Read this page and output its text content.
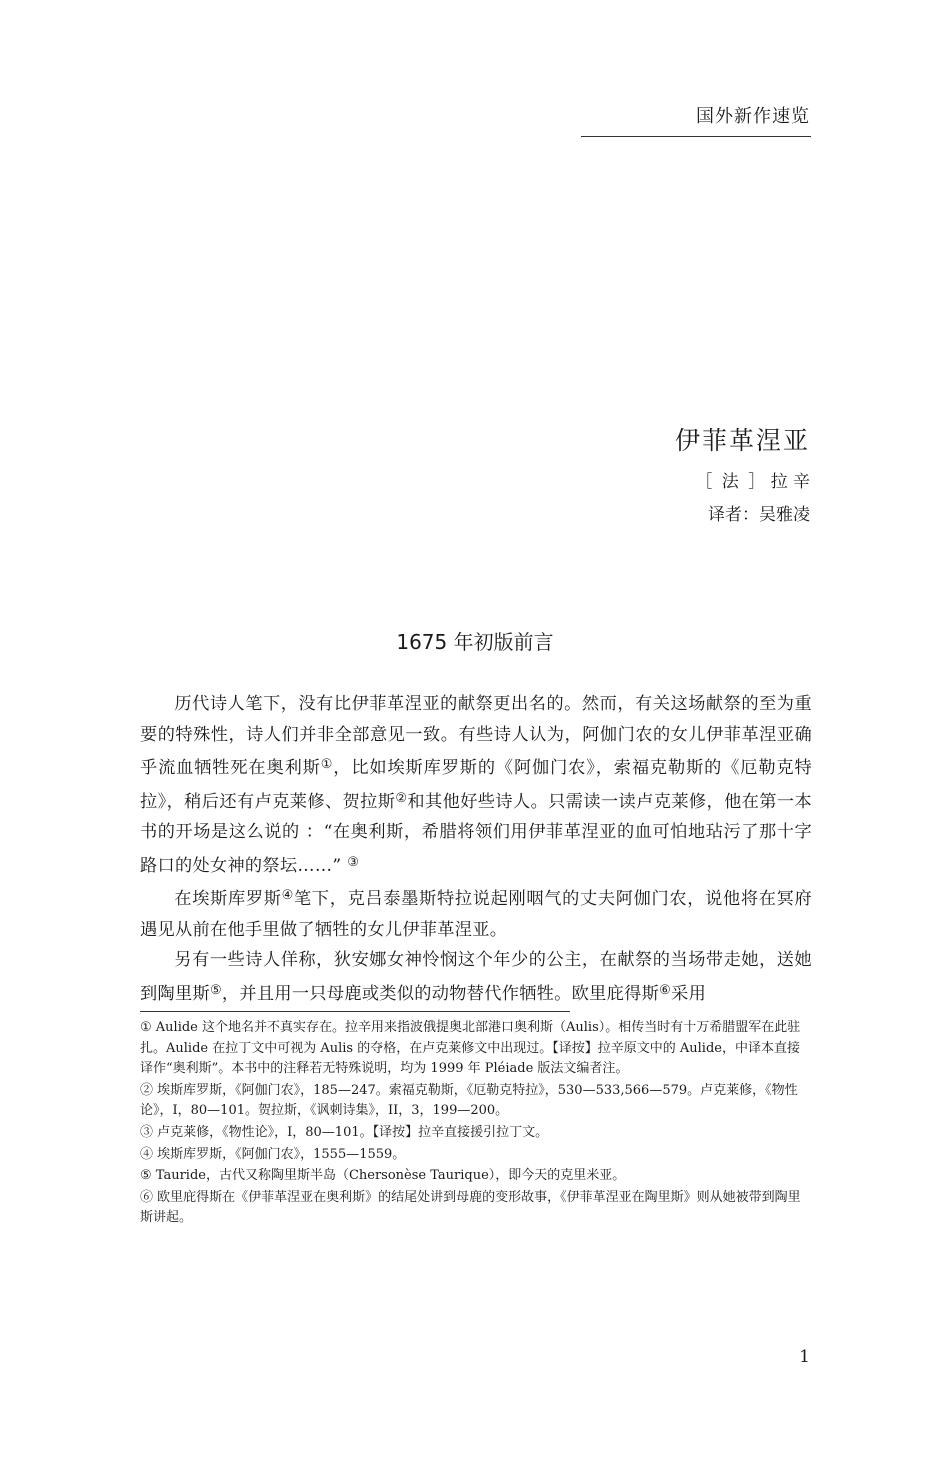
国外新作速览
伊菲革涅亚
［ 法 ］ 拉 辛
译者：吴雅凌
1675 年初版前言

历代诗人笔下，没有比伊菲革涅亚的献祭更出名的。然而，有关这场献祭的至为重要的特殊性，诗人们并非全部意见一致。有些诗人认为，阿伽门农的女儿伊菲革涅亚确乎流血牺牲死在奥利斯①，比如埃斯库罗斯的《阿伽门农》，索福克勒斯的《厄勒克特拉》，稍后还有卢克莱修、贺拉斯②和其他好些诗人。只需读一读卢克莱修，他在第一本书的开场是这么说的 ：“在奥利斯，希腊将领们用伊菲革涅亚的血可怕地玷污了那十字路口的处女神的祭坛……” ③

在埃斯库罗斯④笔下，克吕泰墨斯特拉说起刚咽气的丈夫阿伽门农，说他将在冥府遇见从前在他手里做了牺牲的女儿伊菲革涅亚。

另有一些诗人佯称，狄安娜女神怜悯这个年少的公主，在献祭的当场带走她，送她到陶里斯⑤，并且用一只母鹿或类似的动物替代作牺牲。欧里庇得斯⑥采用

① Aulide 这个地名并不真实存在。拉辛用来指波俄提奥北部港口奥利斯（Aulis）。相传当时有十万希腊盟军在此驻扎。Aulide 在拉丁文中可视为 Aulis 的夺格，在卢克莱修文中出现过。【译按】拉辛原文中的 Aulide，中译本直接译作“奥利斯”。本书中的注释若无特殊说明，均为 1999 年 Pléiade 版法文编者注。

② 埃斯库罗斯，《阿伽门农》，185—247。索福克勒斯，《厄勒克特拉》，530—533,566—579。卢克莱修，《物性论》，I，80—101。贺拉斯，《讽刺诗集》，II，3，199—200。

③ 卢克莱修，《物性论》，I，80—101。【译按】拉辛直接援引拉丁文。

④ 埃斯库罗斯，《阿伽门农》，1555—1559。

⑤ Tauride，古代又称陶里斯半岛（Chersonèse Taurique），即今天的克里米亚。

⑥ 欧里庇得斯在《伊菲革涅亚在奥利斯》的结尾处讲到母鹿的变形故事，《伊菲革涅亚在陶里斯》则从她被带到陶里斯讲起。

1
